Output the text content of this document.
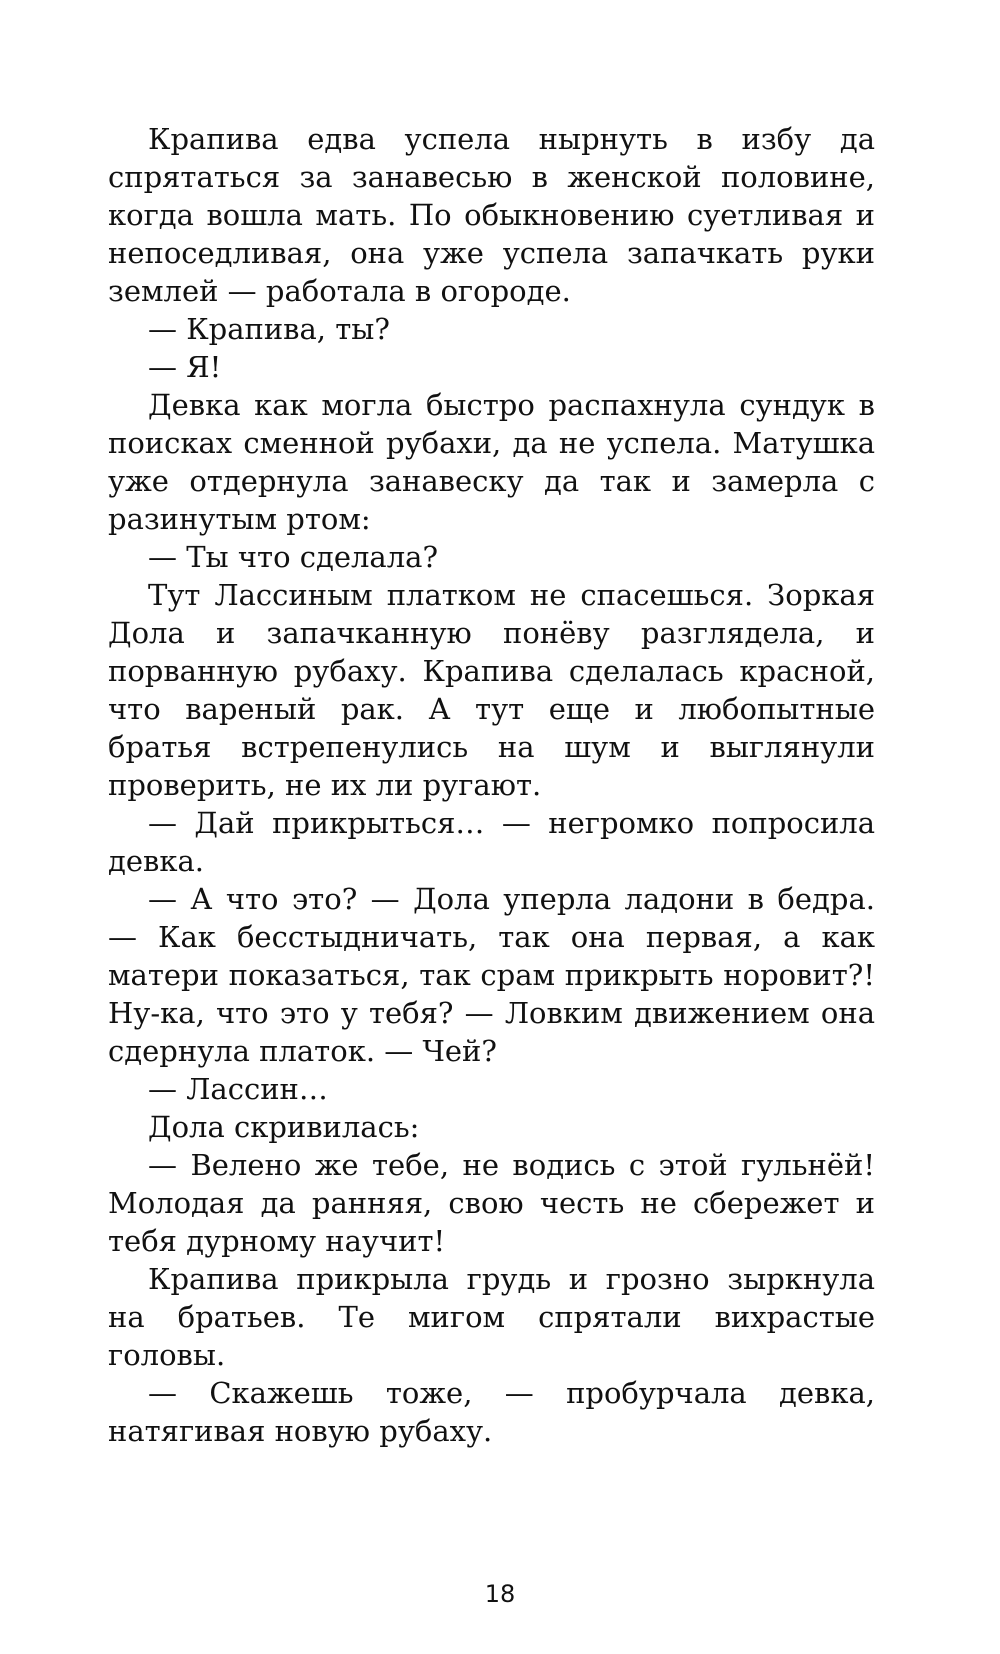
Крапива едва успела нырнуть в избу да спрятаться за занавесью в женской половине, когда вошла мать. По обыкновению суетливая и непоседливая, она уже успела запачкать руки землей — работала в огороде.

— Крапива, ты?

— Я!

Девка как могла быстро распахнула сундук в поисках сменной рубахи, да не успела. Матушка уже отдернула занавеску да так и замерла с разинутым ртом:

— Ты что сделала?

Тут Лассиным платком не спасешься. Зоркая Дола и запачканную понёву разглядела, и порванную рубаху. Крапива сделалась красной, что вареный рак. А тут еще и любопытные братья встрепенулись на шум и выглянули проверить, не их ли ругают.

— Дай прикрыться… — негромко попросила девка.

— А что это? — Дола уперла ладони в бедра. — Как бесстыдничать, так она первая, а как матери показаться, так срам прикрыть норовит?! Ну-ка, что это у тебя? — Ловким движением она сдернула платок. — Чей?

— Лассин…

Дола скривилась:

— Велено же тебе, не водись с этой гульнёй! Молодая да ранняя, свою честь не сбережет и тебя дурному научит!

Крапива прикрыла грудь и грозно зыркнула на братьев. Те мигом спрятали вихрастые головы.

— Скажешь тоже, — пробурчала девка, натягивая новую рубаху.

18
